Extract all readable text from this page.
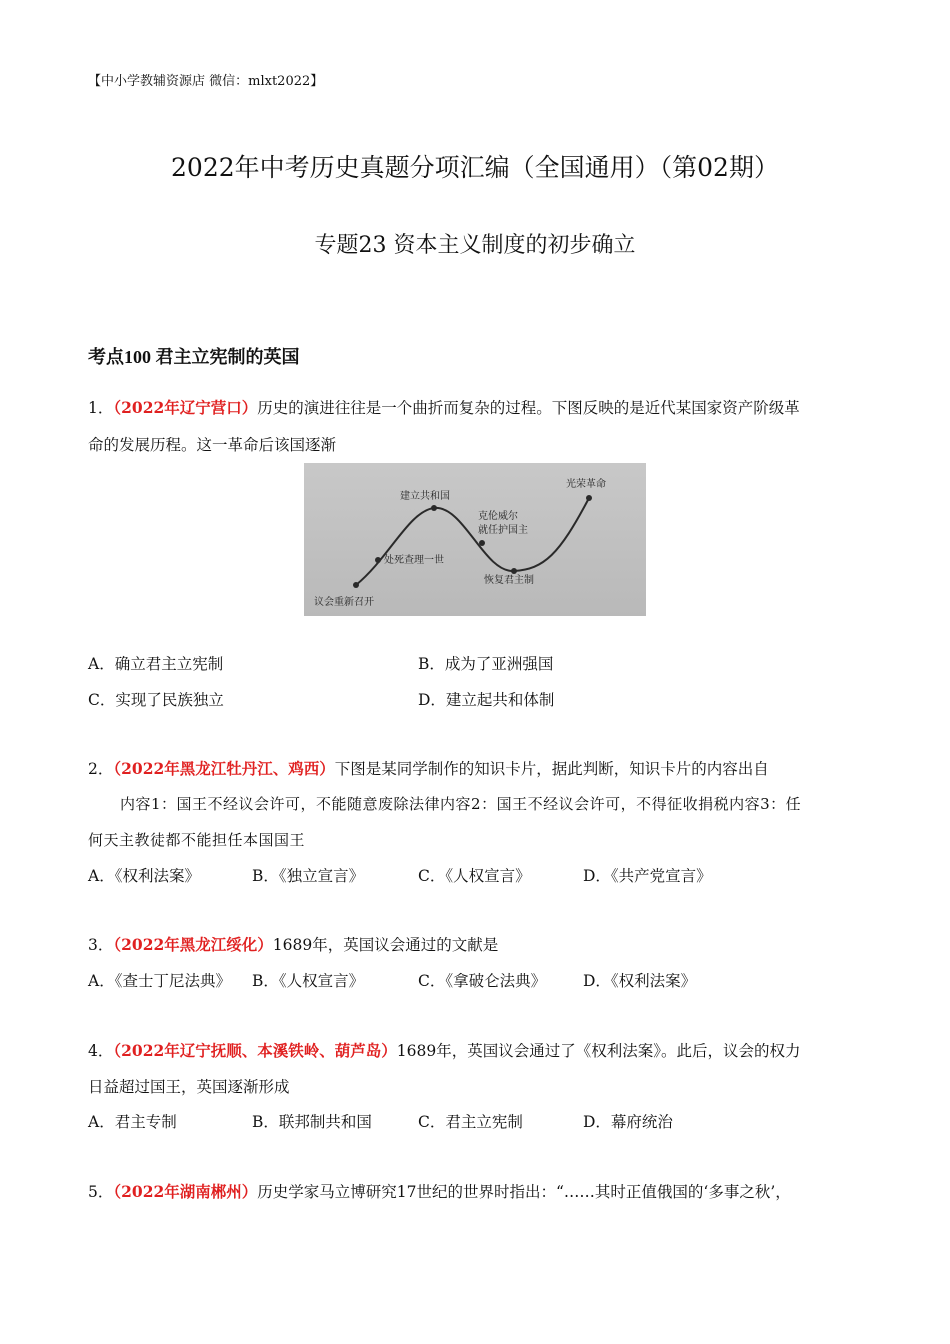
【中小学教辅资源店 微信：mlxt2022】
2022年中考历史真题分项汇编（全国通用）（第02期）
专题23 资本主义制度的初步确立
考点100 君主立宪制的英国
1．（2022年辽宁营口）历史的演进往往是一个曲折而复杂的过程。下图反映的是近代某国家资产阶级革
命的发展历程。这一革命后该国逐渐
议会重新召开
处死查理一世
建立共和国
克伦威尔
就任护国主
恢复君主制
光荣革命
A．确立君主立宪制	B．成为了亚洲强国
C．实现了民族独立	D．建立起共和体制
2．（2022年黑龙江牡丹江、鸡西）下图是某同学制作的知识卡片，据此判断，知识卡片的内容出自
内容1：国王不经议会许可，不能随意废除法律内容2：国王不经议会许可，不得征收捐税内容3：任
何天主教徒都不能担任本国国王
A．《权利法案》	B．《独立宣言》	C．《人权宣言》	D．《共产党宣言》
3．（2022年黑龙江绥化）1689年，英国议会通过的文献是
A．《查士丁尼法典》 B．《人权宣言》	C．《拿破仑法典》 D．《权利法案》
4．（2022年辽宁抚顺、本溪铁岭、葫芦岛）1689年，英国议会通过了《权利法案》。此后，议会的权力
日益超过国王，英国逐渐形成
A．君主专制	B．联邦制共和国	C．君主立宪制	D．幕府统治
5．（2022年湖南郴州）历史学家马立博研究17世纪的世界时指出：“……其时正值俄国的‘多事之秋’，
